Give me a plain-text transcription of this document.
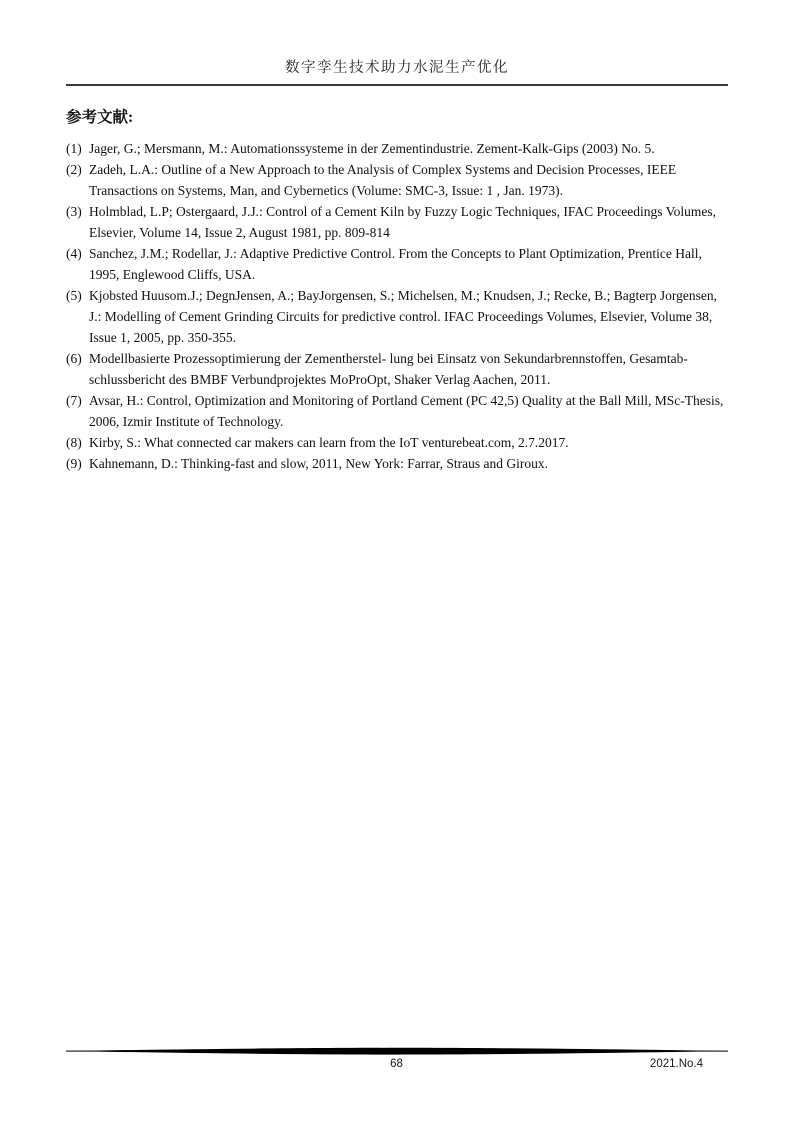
数字孪生技术助力水泥生产优化
参考文献:
(1) Jager, G.; Mersmann, M.: Automationssysteme in der Zementindustrie. Zement-Kalk-Gips (2003) No. 5.
(2) Zadeh, L.A.: Outline of a New Approach to the Analysis of Complex Systems and Decision Processes, IEEE Transactions on Systems, Man, and Cybernetics (Volume: SMC-3, Issue: 1 , Jan. 1973).
(3) Holmblad, L.P; Ostergaard, J.J.: Control of a Cement Kiln by Fuzzy Logic Techniques, IFAC Proceedings Volumes, Elsevier, Volume 14, Issue 2, August 1981, pp. 809-814
(4) Sanchez, J.M.; Rodellar, J.: Adaptive Predictive Control. From the Concepts to Plant Optimization, Prentice Hall, 1995, Englewood Cliffs, USA.
(5) Kjobsted Huusom.J.; DegnJensen, A.; BayJorgensen, S.; Michelsen, M.; Knudsen, J.; Recke, B.; Bagterp Jorgensen, J.: Modelling of Cement Grinding Circuits for predictive control. IFAC Proceedings Volumes, Elsevier, Volume 38, Issue 1, 2005, pp. 350-355.
(6) Modellbasierte Prozessoptimierung der Zementherstel- lung bei Einsatz von Sekundarbrennstoffen, Gesamtab-schlussbericht des BMBF Verbundprojektes MoProOpt, Shaker Verlag Aachen, 2011.
(7) Avsar, H.: Control, Optimization and Monitoring of Portland Cement (PC 42,5) Quality at the Ball Mill, MSc-Thesis, 2006, Izmir Institute of Technology.
(8) Kirby, S.: What connected car makers can learn from the IoT venturebeat.com, 2.7.2017.
(9) Kahnemann, D.: Thinking-fast and slow, 2011, New York: Farrar, Straus and Giroux.
68	2021.No.4
